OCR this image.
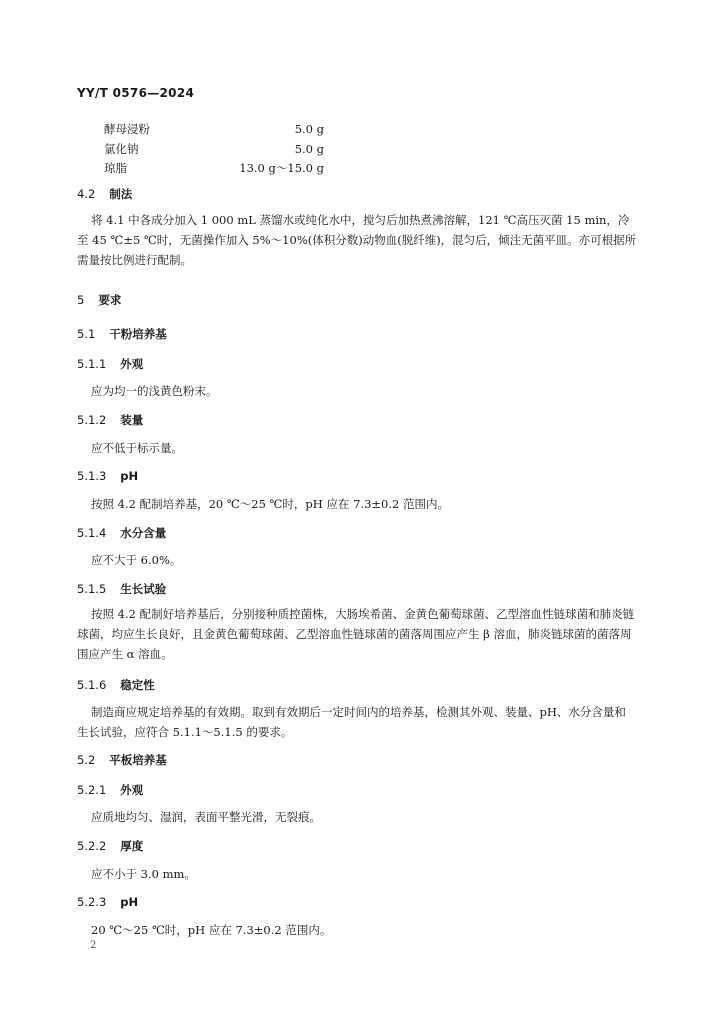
YY/T 0576—2024
酵母浸粉	5.0 g
氯化钠	5.0 g
琼脂	13.0 g～15.0 g
4.2 制法
将 4.1 中各成分加入 1 000 mL 蒸馏水或纯化水中，搅匀后加热煮沸溶解，121 ℃高压灭菌 15 min，冷至 45 ℃±5 ℃时，无菌操作加入 5%～10%(体积分数)动物血(脱纤维)，混匀后，倾注无菌平皿。亦可根据所需量按比例进行配制。
5 要求
5.1 干粉培养基
5.1.1 外观
应为均一的浅黄色粉末。
5.1.2 装量
应不低于标示量。
5.1.3 pH
按照 4.2 配制培养基，20 ℃～25 ℃时，pH 应在 7.3±0.2 范围内。
5.1.4 水分含量
应不大于 6.0%。
5.1.5 生长试验
按照 4.2 配制好培养基后，分别接种质控菌株，大肠埃希菌、金黄色葡萄球菌、乙型溶血性链球菌和肺炎链球菌，均应生长良好，且金黄色葡萄球菌、乙型溶血性链球菌的菌落周围应产生 β 溶血，肺炎链球菌的菌落周围应产生 α 溶血。
5.1.6 稳定性
制造商应规定培养基的有效期。取到有效期后一定时间内的培养基，检测其外观、装量、pH、水分含量和生长试验，应符合 5.1.1～5.1.5 的要求。
5.2 平板培养基
5.2.1 外观
应质地均匀、湿润，表面平整光滑，无裂痕。
5.2.2 厚度
应不小于 3.0 mm。
5.2.3 pH
20 ℃～25 ℃时，pH 应在 7.3±0.2 范围内。
2
